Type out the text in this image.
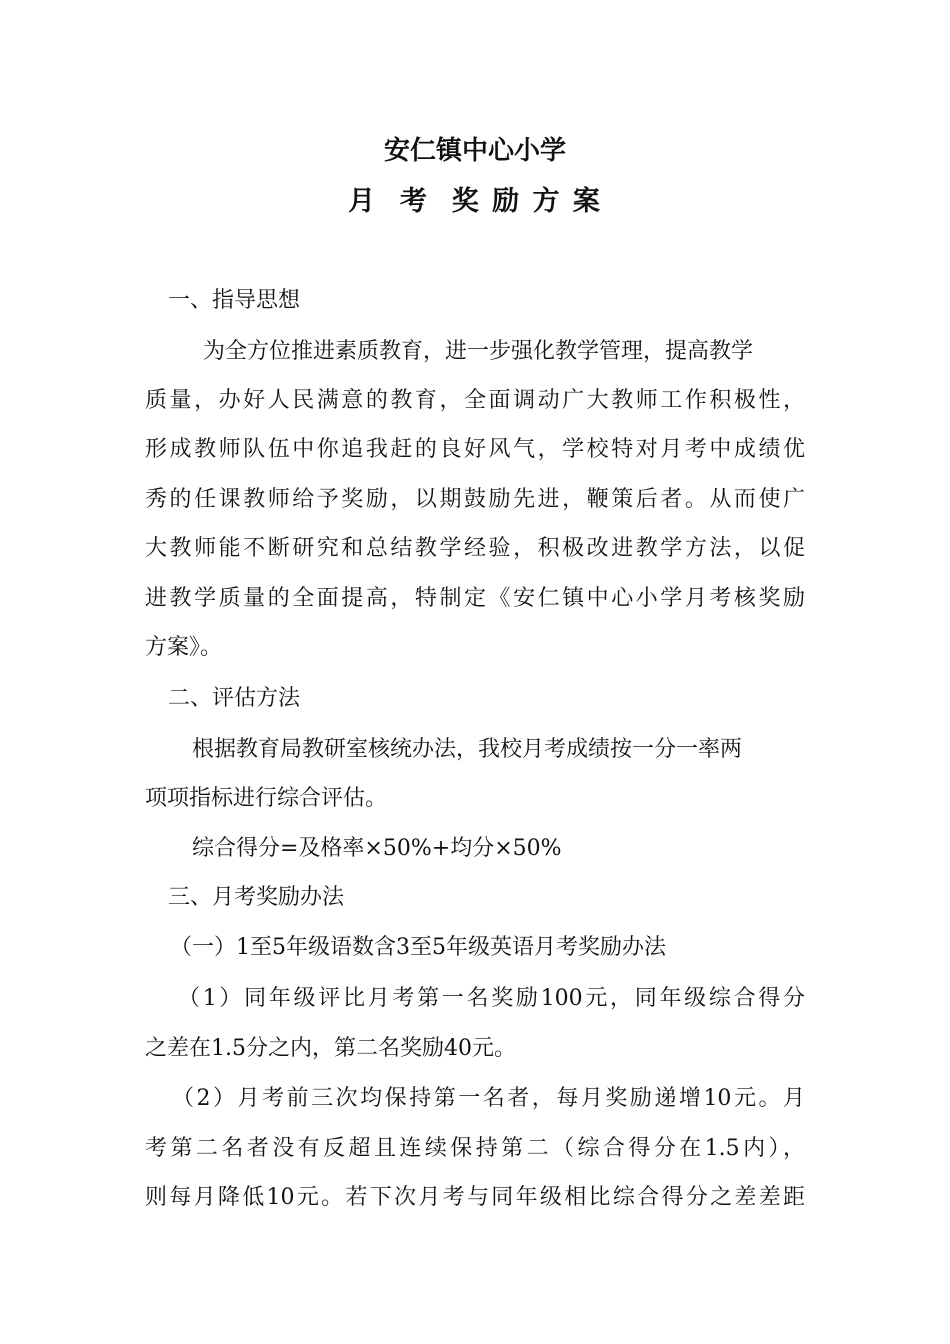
安仁镇中心小学
月  考  奖 励 方 案
一、指导思想
为全方位推进素质教育，进一步强化教学管理，提高教学
质量，办好人民满意的教育，全面调动广大教师工作积极性，
形成教师队伍中你追我赶的良好风气，学校特对月考中成绩优
秀的任课教师给予奖励，以期鼓励先进，鞭策后者。从而使广
大教师能不断研究和总结教学经验，积极改进教学方法，以促
进教学质量的全面提高，特制定《安仁镇中心小学月考核奖励
方案》。
二、评估方法
根据教育局教研室核统办法，我校月考成绩按一分一率两
项项指标进行综合评估。
综合得分=及格率×50%+均分×50%
三、月考奖励办法
（一）1至5年级语数含3至5年级英语月考奖励办法
（1）同年级评比月考第一名奖励100元，同年级综合得分
之差在1.5分之内，第二名奖励40元。
（2）月考前三次均保持第一名者，每月奖励递增10元。月
考第二名者没有反超且连续保持第二（综合得分在1.5内），
则每月降低10元。若下次月考与同年级相比综合得分之差差距
